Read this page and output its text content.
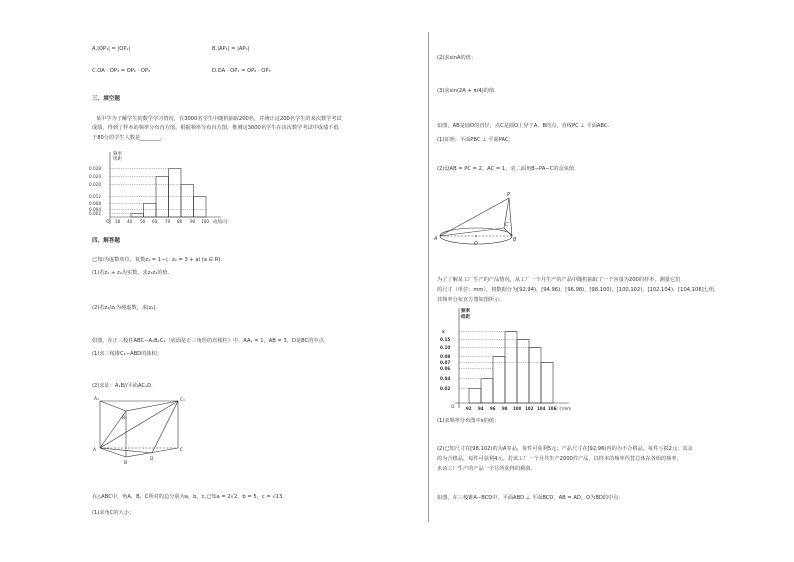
A.|OP₁| = |OP₂|	B.|AP₁| = |AP₂|
C.OA · OP₃ = OP₁ · OP₂	D.OA · OP₁ = OP₂ · OP₃
三、填空题
某中学为了解学生的数学学习情况，在3000名学生中随机抽取200名，并统计这200名学生的某次数学考试
成绩，得到了样本的频率分布直方图。根据频率分布直方图，推测这3000名学生在该次数学考试中成绩不低
于80分的学生人数是________.
频率
组距
成绩/分
O
0.028
0.024
0.020
0.012
0.008
0.004
0.002
30 40 50 60 70 80 90 100
四、解答题
已知i为虚数单位，复数z₁ = 1−i，z₂ = 3 + ai (a ∈ R).
(1)若z₁ + z₂为实数，求z₁z₂的值.
(2)若z₂/z₁为纯虚数，求|z₂|.
如图，在正三棱柱ABC−A₁B₁C₁（底面是正三角形的直棱柱）中，AA₁ = 1，AB = 3，D是BC的中点.
(1)求三棱锥C₁−ABD的体积；
(2)求证：A₁B//平面AC₁D.
A₁
B₁
C₁
A
B
C
D
在△ABC中，角A，B，C所对的边分别为a，b，c.已知a = 2√2，b = 5，c = √13.
(1)求角C的大小；
(2)求sinA的值；
(3)求sin(2A + π/4)的值.
如图，AB是圆O的直径，点C是圆O上异于A，B的点，直线PC ⊥ 平面ABC.
(1)证明：平面PBC ⊥ 平面PAC；
(2)设AB = PC = 2，AC = 1，求二面角B−PA−C的余弦值.
P
A	B
C
O
为了了解某工厂生产的产品情况，从工厂一个月生产的产品中随机抽取了一个容量为200的样本，测量它们
的尺寸（单位：mm），将数据分为[92,94)，[94,96)，[96,98)，[98,100)，[100,102)，[102,104)，[104,106]七组，
其频率分布直方图如图所示.
频率
组距
尺寸/mm
O
x
0.15
0.10
0.08
0.07
0.06
0.04
0.02
92 94 96 98 100 102 104 106
(1)求频率分布图中x的值；
(2)已知尺寸在[98,102)的为A等品，每件可获利5元；产品尺寸在[92,96)内的为不合格品，每件亏损2元；其余
的为合格品，每件可获利4元。若该工厂一个月共生产2000件产品，以样本的频率代替总体在各组的频率，
求该工厂生产的产品一个月所获得的利润.
如图，在三棱锥A−BCD中，平面ABD ⊥ 平面BCD，AB = AD，O为BD的中点.
